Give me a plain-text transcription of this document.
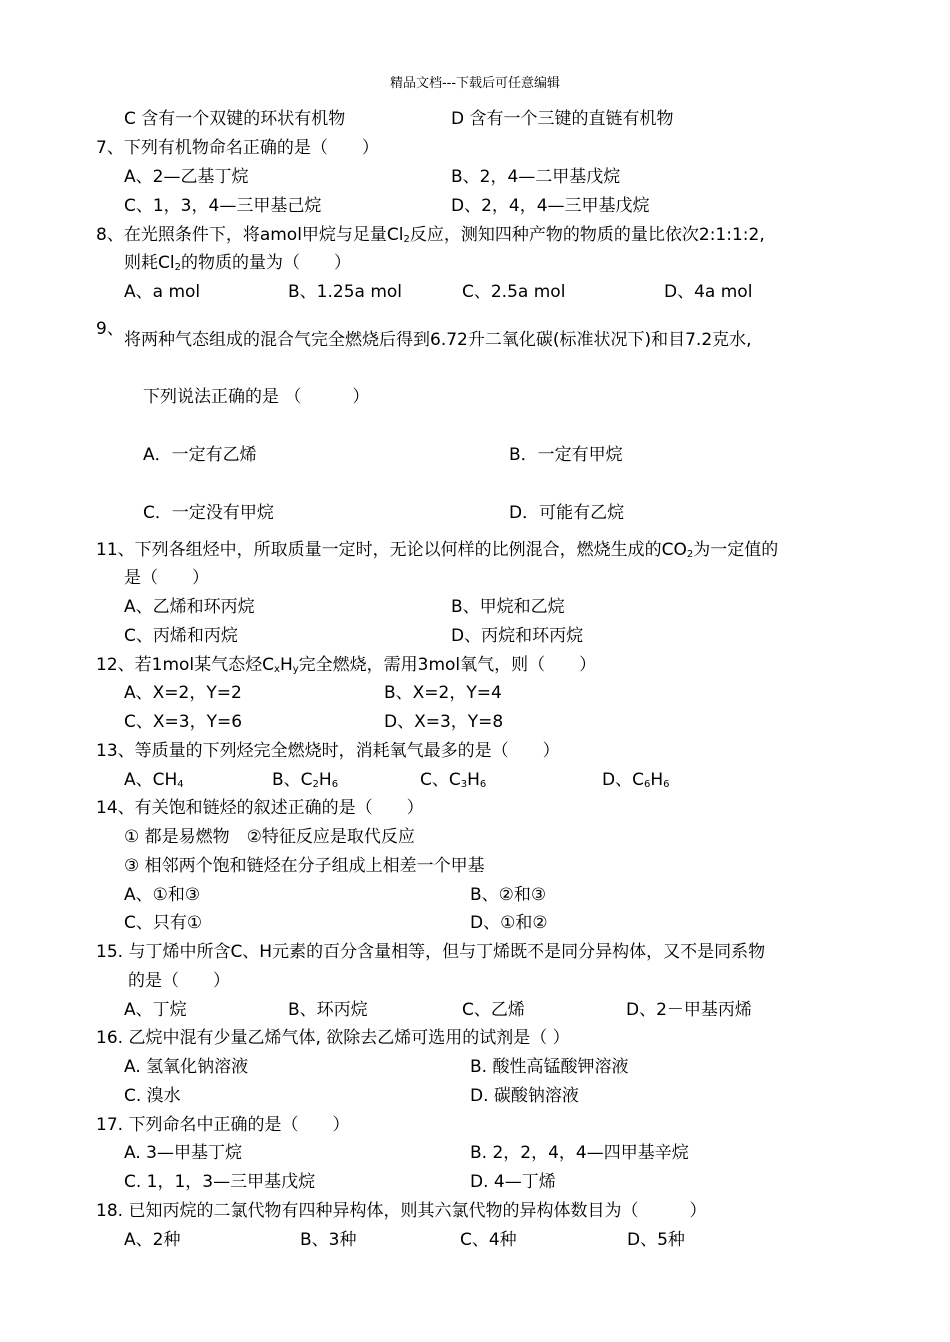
精品文档---下载后可任意编辑
C 含有一个双键的环状有机物	D 含有一个三键的直链有机物
7、下列有机物命名正确的是（　　）
A、2—乙基丁烷	B、2，4—二甲基戊烷
C、1，3，4—三甲基己烷	D、2，4，4—三甲基戊烷
8、在光照条件下，将amol甲烷与足量$Cl_2$反应，测知四种产物的物质的量比依次2:1:1:2,
则耗$Cl_2$的物质的量为（　　）
A、a mol	B、1.25a mol	C、2.5a mol	D、4a mol
9、
将两种气态组成的混合气完全燃烧后得到6.72升二氧化碳(标准状况下)和目7.2克水,
下列说法正确的是 （　　　）
A．一定有乙烯	B．一定有甲烷
C．一定没有甲烷	D．可能有乙烷
11、下列各组烃中，所取质量一定时，无论以何样的比例混合，燃烧生成的$CO_2$为一定值的
是（　　）
A、乙烯和环丙烷	B、甲烷和乙烷
C、丙烯和丙烷	D、丙烷和环丙烷
12、若1mol某气态烃$C_xH_y$完全燃烧，需用3mol氧气，则（　　）
A、X=2，Y=2	B、X=2，Y=4
C、X=3，Y=6	D、X=3，Y=8
13、等质量的下列烃完全燃烧时，消耗氧气最多的是（　　）
A、$CH_4$	B、$C_2H_6$	C、$C_3H_6$	D、$C_6H_6$
14、有关饱和链烃的叙述正确的是（　　）
① 都是易燃物　②特征反应是取代反应
③ 相邻两个饱和链烃在分子组成上相差一个甲基
A、①和③	B、②和③
C、只有①	D、①和②
15. 与丁烯中所含C、H元素的百分含量相等，但与丁烯既不是同分异构体，又不是同系物
的是（　　）
A、丁烷	B、环丙烷	C、乙烯	D、2－甲基丙烯
16. 乙烷中混有少量乙烯气体, 欲除去乙烯可选用的试剂是（ ）
A. 氢氧化钠溶液	B. 酸性高锰酸钾溶液
C. 溴水	D. 碳酸钠溶液
17. 下列命名中正确的是（　　）
A. 3—甲基丁烷	B. 2，2，4，4—四甲基辛烷
C. 1，1，3—三甲基戊烷	D. 4—丁烯
18. 已知丙烷的二氯代物有四种异构体，则其六氯代物的异构体数目为（　　　）
A、2种	B、3种	C、4种	D、5种
